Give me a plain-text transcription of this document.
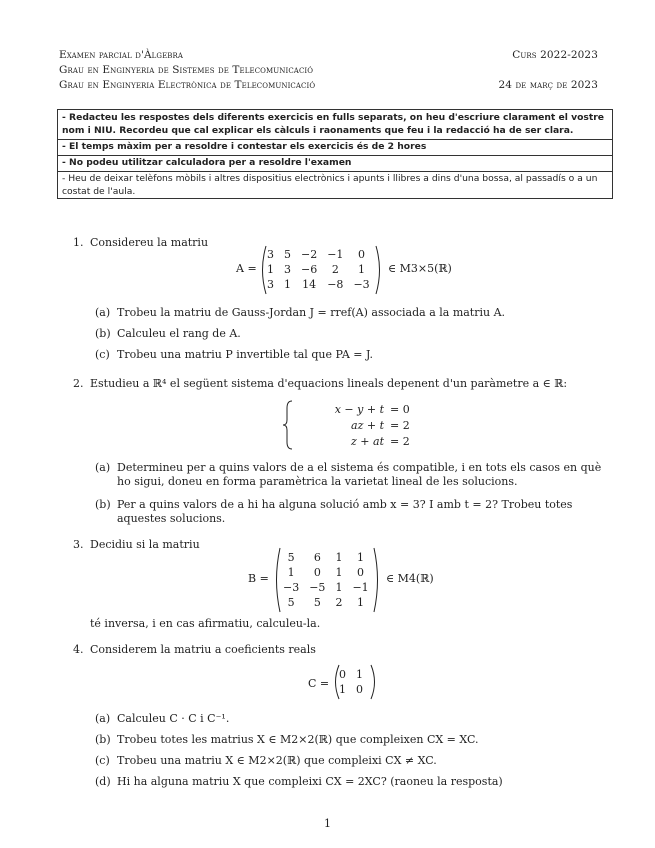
Examen parcial d'Àlgebra	Curs 2022-2023
Grau en Enginyeria de Sistemes de Telecomunicació
Grau en Enginyeria Electrònica de Telecomunicació	24 de març de 2023
- Redacteu les respostes dels diferents exercicis en fulls separats, on heu d'escriure clarament el vostre
nom i NIU. Recordeu que cal explicar els càlculs i raonaments que feu i la redacció ha de ser clara.
- El temps màxim per a resoldre i contestar els exercicis és de 2 hores
- No podeu utilitzar calculadora per a resoldre l'examen
- Heu de deixar telèfons mòbils i altres dispositius electrònics i apunts i llibres a dins d'una bossa, al passadís o a un
costat de l'aula.
1. Considereu la matriu
A =
3	5	−2	−1	0
1	3	−6	2	1
3	1	14	−8	−3
∈ M3×5(ℝ)
(a) Trobeu la matriu de Gauss-Jordan J = rref(A) associada a la matriu A.
(b) Calculeu el rang de A.
(c) Trobeu una matriu P invertible tal que PA = J.
2. Estudieu a ℝ⁴ el següent sistema d'equacions lineals depenent d'un paràmetre a ∈ ℝ:
x − y + t = 0
az + t = 2
z + at = 2
(a) Determineu per a quins valors de a el sistema és compatible, i en tots els casos en què
ho sigui, doneu en forma paramètrica la varietat lineal de les solucions.
(b) Per a quins valors de a hi ha alguna solució amb x = 3? I amb t = 2? Trobeu totes
aquestes solucions.
3. Decidiu si la matriu
B =
5	6	1	1
1	0	1	0
−3	−5	1	−1
5	5	2	1
∈ M4(ℝ)
té inversa, i en cas afirmatiu, calculeu-la.
4. Considerem la matriu a coeficients reals
C =
0	1
1	0
(a) Calculeu C · C i C⁻¹.
(b) Trobeu totes les matrius X ∈ M2×2(ℝ) que compleixen CX = XC.
(c) Trobeu una matriu X ∈ M2×2(ℝ) que compleixi CX ≠ XC.
(d) Hi ha alguna matriu X que compleixi CX = 2XC? (raoneu la resposta)
1
